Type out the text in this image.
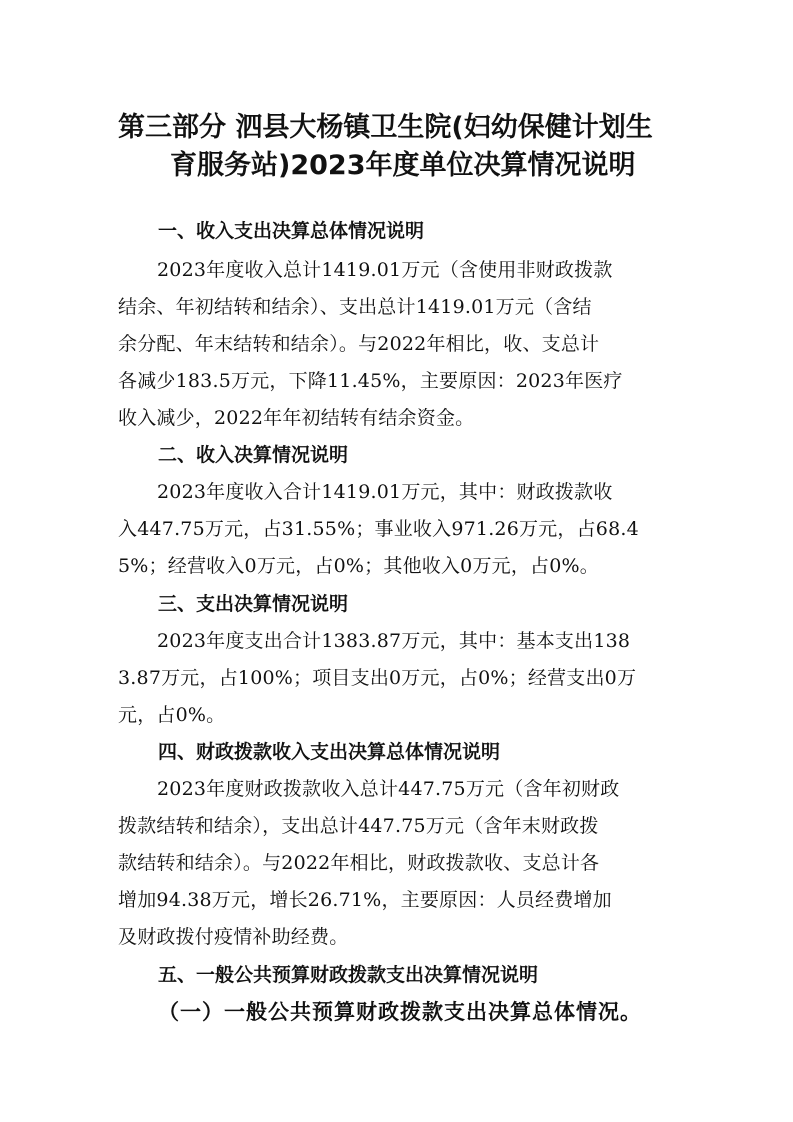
第三部分 泗县大杨镇卫生院(妇幼保健计划生
育服务站)2023年度单位决算情况说明
一、收入支出决算总体情况说明
2023年度收入总计1419.01万元（含使用非财政拨款
结余、年初结转和结余）、支出总计1419.01万元（含结
余分配、年末结转和结余）。与2022年相比，收、支总计
各减少183.5万元，下降11.45%，主要原因：2023年医疗
收入减少，2022年年初结转有结余资金。
二、收入决算情况说明
2023年度收入合计1419.01万元，其中：财政拨款收
入447.75万元，占31.55%；事业收入971.26万元，占68.4
5%；经营收入0万元，占0%；其他收入0万元，占0%。
三、支出决算情况说明
2023年度支出合计1383.87万元，其中：基本支出138
3.87万元，占100%；项目支出0万元，占0%；经营支出0万
元，占0%。
四、财政拨款收入支出决算总体情况说明
2023年度财政拨款收入总计447.75万元（含年初财政
拨款结转和结余），支出总计447.75万元（含年末财政拨
款结转和结余）。与2022年相比，财政拨款收、支总计各
增加94.38万元，增长26.71%，主要原因：人员经费增加
及财政拨付疫情补助经费。
五、一般公共预算财政拨款支出决算情况说明
（一）一般公共预算财政拨款支出决算总体情况。
